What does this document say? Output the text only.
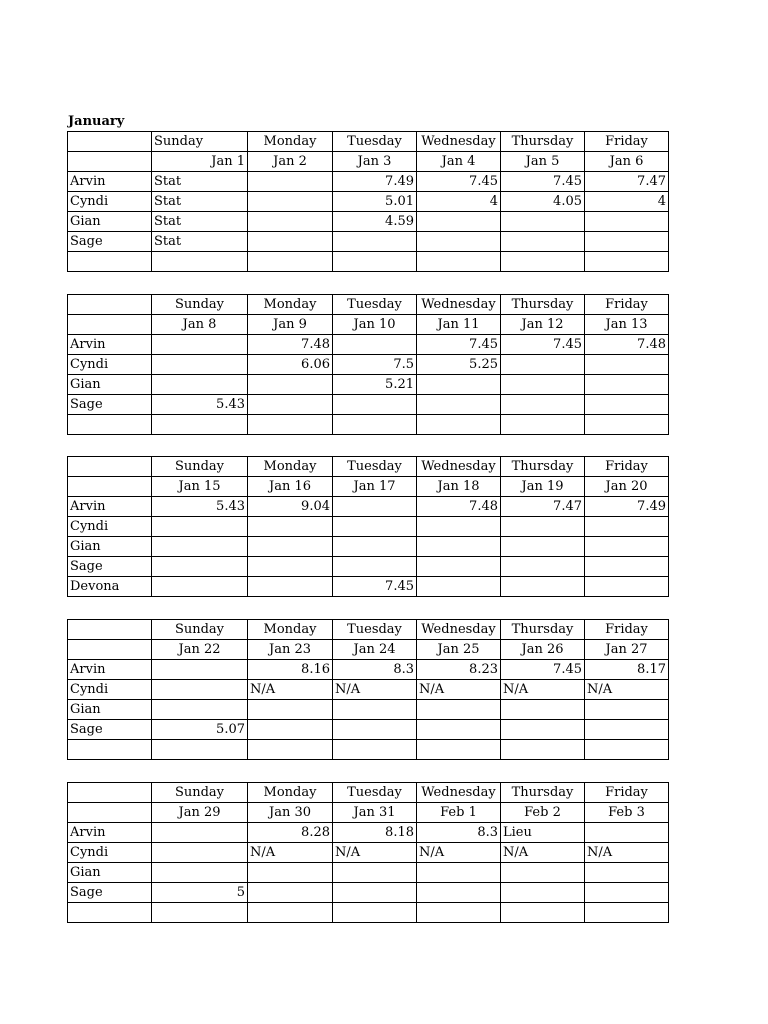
January
	Sunday	Monday	Tuesday	Wednesday	Thursday	Friday
	Jan 1	Jan 2	Jan 3	Jan 4	Jan 5	Jan 6
Arvin	Stat		7.49	7.45	7.45	7.47
Cyndi	Stat		5.01	4	4.05	4
Gian	Stat		4.59			
Sage	Stat					

	Sunday	Monday	Tuesday	Wednesday	Thursday	Friday
	Jan 8	Jan 9	Jan 10	Jan 11	Jan 12	Jan 13
Arvin		7.48		7.45	7.45	7.48
Cyndi		6.06	7.5	5.25		
Gian			5.21			
Sage	5.43					

	Sunday	Monday	Tuesday	Wednesday	Thursday	Friday
	Jan 15	Jan 16	Jan 17	Jan 18	Jan 19	Jan 20
Arvin	5.43	9.04		7.48	7.47	7.49
Cyndi						
Gian						
Sage						
Devona			7.45			
	Sunday	Monday	Tuesday	Wednesday	Thursday	Friday
	Jan 22	Jan 23	Jan 24	Jan 25	Jan 26	Jan 27
Arvin		8.16	8.3	8.23	7.45	8.17
Cyndi		N/A	N/A	N/A	N/A	N/A
Gian						
Sage	5.07					

	Sunday	Monday	Tuesday	Wednesday	Thursday	Friday
	Jan 29	Jan 30	Jan 31	Feb 1	Feb 2	Feb 3
Arvin		8.28	8.18	8.3	Lieu	
Cyndi		N/A	N/A	N/A	N/A	N/A
Gian						
Sage	5					
